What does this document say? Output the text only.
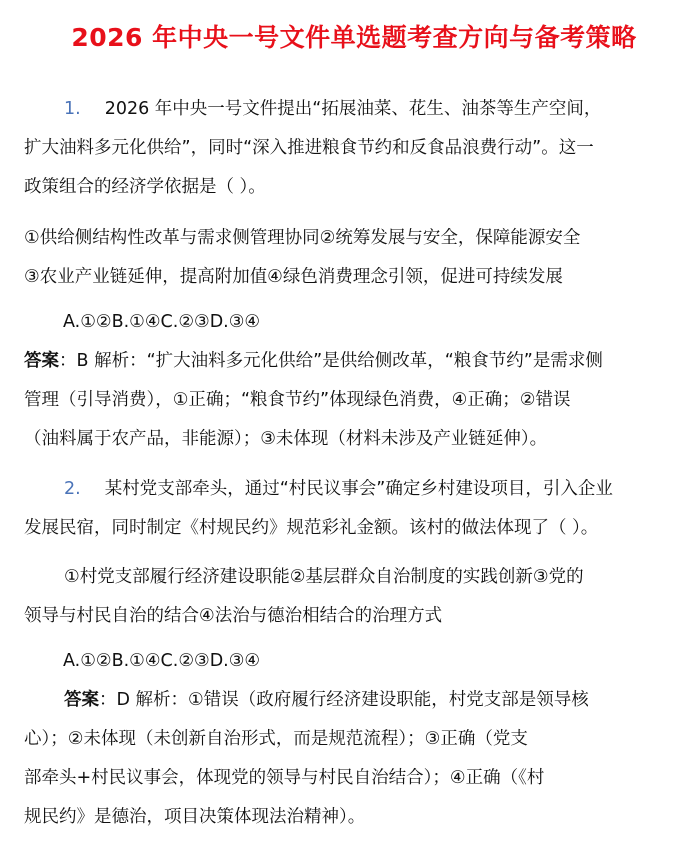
2026 年中央一号文件单选题考查方向与备考策略
1. 2026 年中央一号文件提出“拓展油菜、花生、油茶等生产空间，
扩大油料多元化供给”，同时“深入推进粮食节约和反食品浪费行动”。这一
政策组合的经济学依据是（ ）。
①供给侧结构性改革与需求侧管理协同②统筹发展与安全，保障能源安全
③农业产业链延伸，提高附加值④绿色消费理念引领，促进可持续发展
A.①②B.①④C.②③D.③④
答案：B 解析：“扩大油料多元化供给”是供给侧改革，“粮食节约”是需求侧
管理（引导消费），①正确；“粮食节约”体现绿色消费，④正确；②错误
（油料属于农产品，非能源）；③未体现（材料未涉及产业链延伸）。
2. 某村党支部牵头，通过“村民议事会”确定乡村建设项目，引入企业
发展民宿，同时制定《村规民约》规范彩礼金额。该村的做法体现了（ ）。
①村党支部履行经济建设职能②基层群众自治制度的实践创新③党的
领导与村民自治的结合④法治与德治相结合的治理方式
A.①②B.①④C.②③D.③④
答案：D 解析：①错误（政府履行经济建设职能，村党支部是领导核
心）；②未体现（未创新自治形式，而是规范流程）；③正确（党支
部牵头+村民议事会，体现党的领导与村民自治结合）；④正确（《村
规民约》是德治，项目决策体现法治精神）。
